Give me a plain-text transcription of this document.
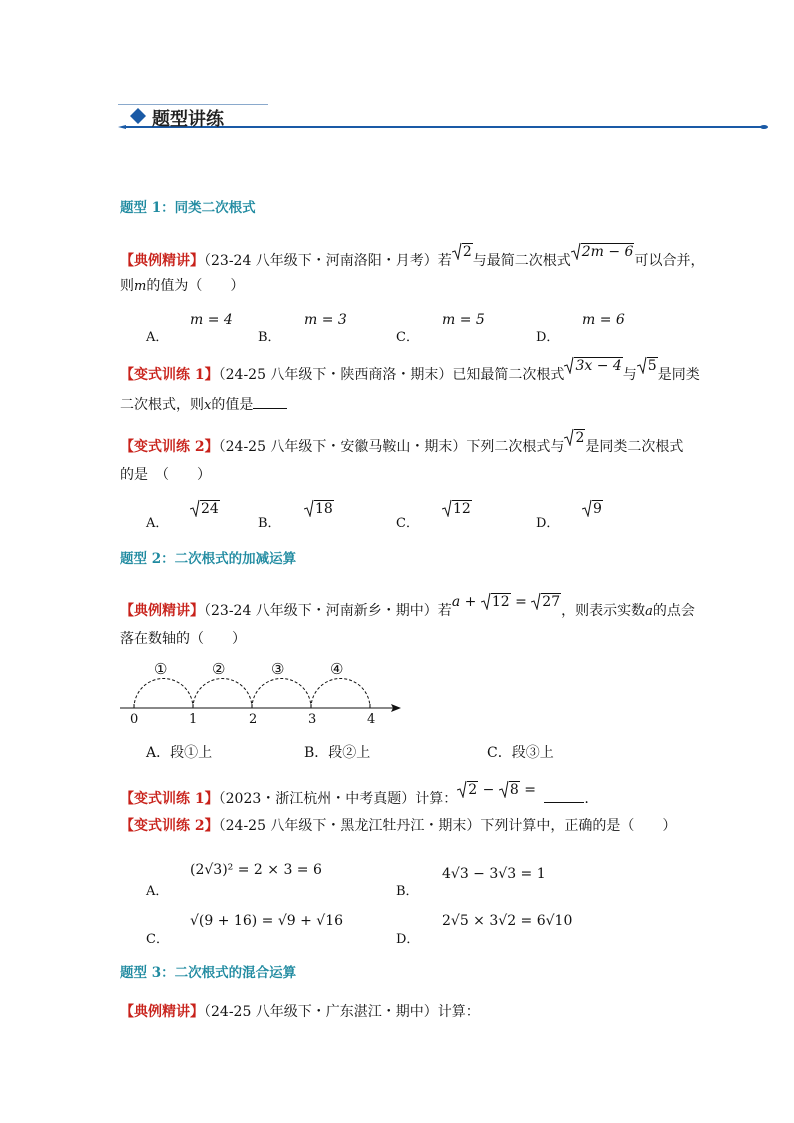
题型讲练
题型 1：同类二次根式
【典例精讲】（23-24 八年级下・河南洛阳・月考）若
2与最简二次根式
2m − 6可以合并，
则m的值为（　　）
A．
m = 4
B．
m = 3
C．
m = 5
D．
m = 6
【变式训练 1】（24-25 八年级下・陕西商洛・期末）已知最简二次根式
3x − 4与
5是同类
二次根式，则x的值是
【变式训练 2】（24-25 八年级下・安徽马鞍山・期末）下列二次根式与
2是同类二次根式
的是　（　　）
A．
24
B．
18
C．
12
D．
9
题型 2：二次根式的加减运算
【典例精讲】（23-24 八年级下・河南新乡・期中）若a +
12 =
27，则表示实数a的点会
落在数轴的（　　）
①	②	③	④
0	1	2	3	4
A．段①上	B．段②上	C．段③上
【变式训练 1】（2023・浙江杭州・中考真题）计算：
2 −
8 = .
【变式训练 2】（24-25 八年级下・黑龙江牡丹江・期末）下列计算中，正确的是（　　）
A．
(2√3)² = 2 × 3 = 6
B．
4√3 − 3√3 = 1
C．
√(9 + 16) = √9 + √16
D．
2√5 × 3√2 = 6√10
题型 3：二次根式的混合运算
【典例精讲】（24-25 八年级下・广东湛江・期中）计算：
